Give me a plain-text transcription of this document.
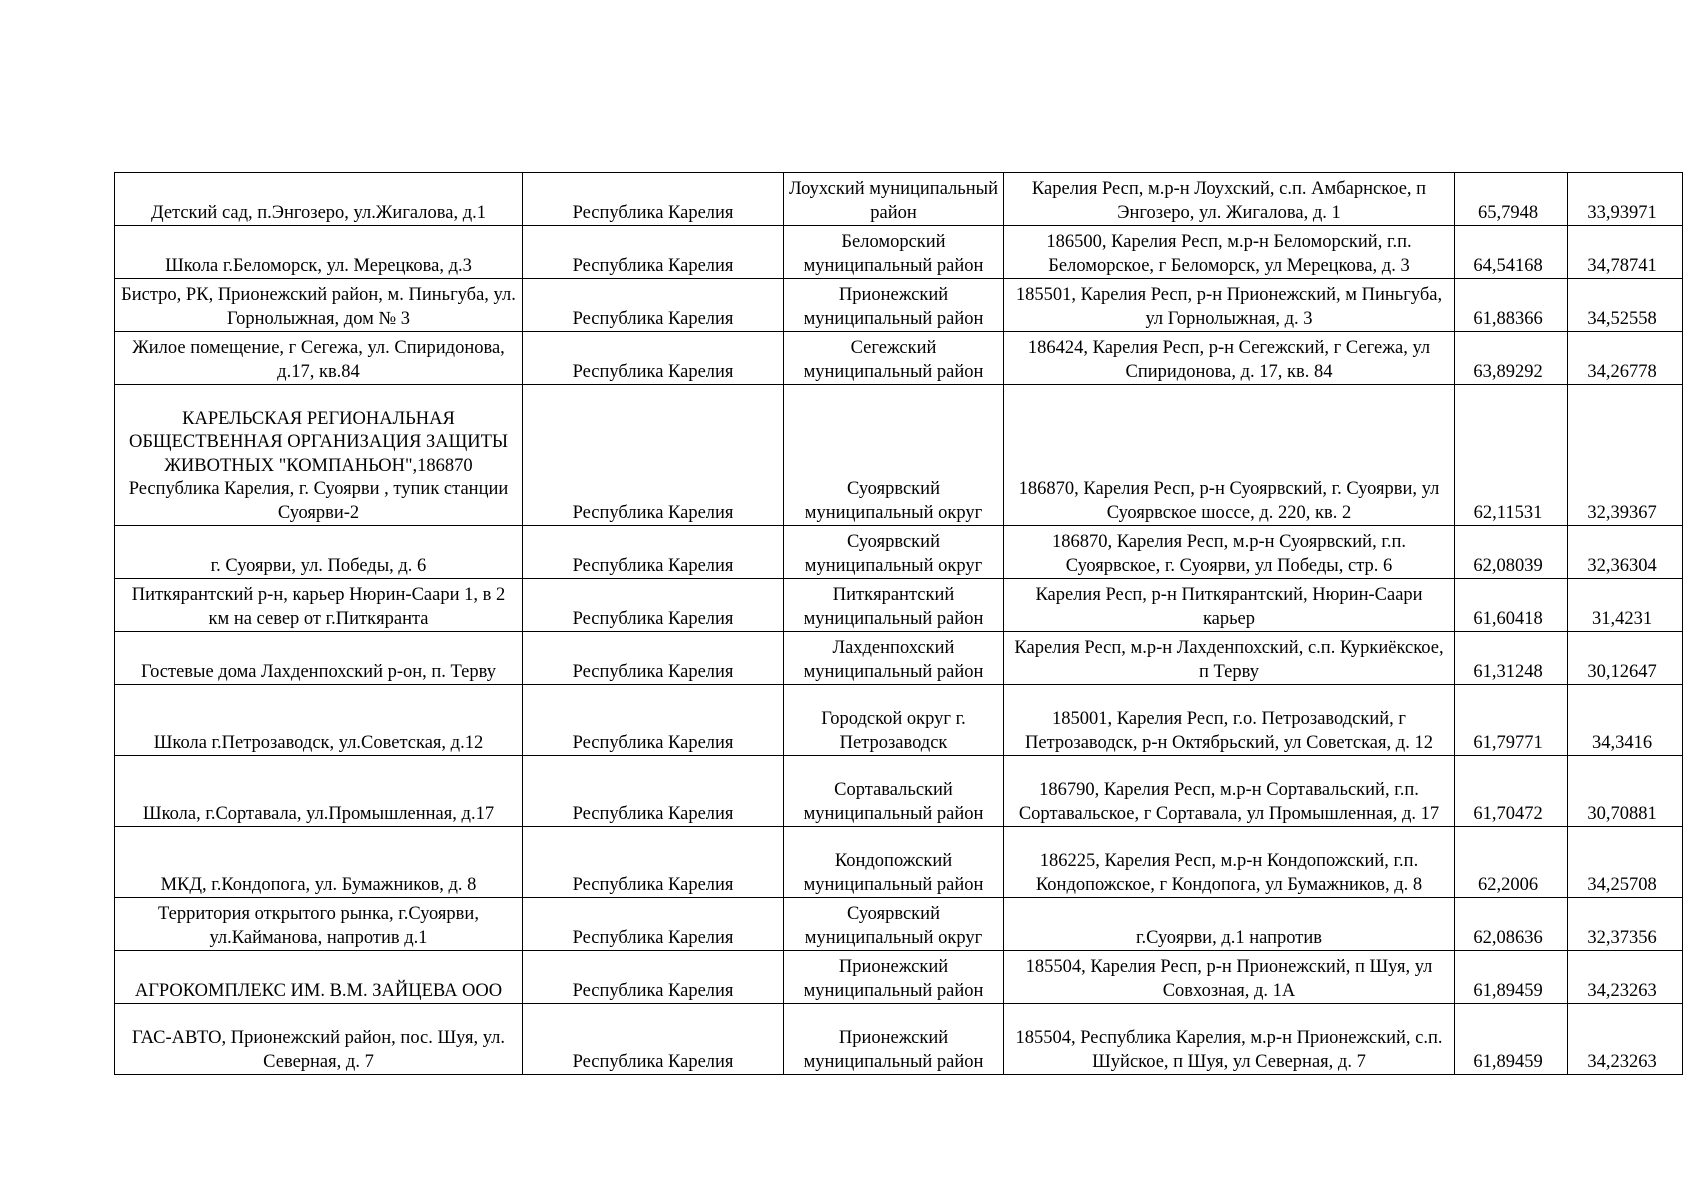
Детский сад, п.Энгозеро, ул.Жигалова, д.1	Республика Карелия	Лоухский муниципальный район	Карелия Респ, м.р-н Лоухский, с.п. Амбарнское, п Энгозеро, ул. Жигалова, д. 1	65,7948	33,93971
Школа г.Беломорск, ул. Мерецкова, д.3	Республика Карелия	Беломорский муниципальный район	186500, Карелия Респ, м.р-н Беломорский, г.п. Беломорское, г Беломорск, ул Мерецкова, д. 3	64,54168	34,78741
Бистро, РК, Прионежский район, м. Пиньгуба, ул. Горнолыжная, дом № 3	Республика Карелия	Прионежский муниципальный район	185501, Карелия Респ, р-н Прионежский, м Пиньгуба, ул Горнолыжная, д. 3	61,88366	34,52558
Жилое помещение, г Сегежа, ул. Спиридонова, д.17, кв.84	Республика Карелия	Сегежский муниципальный район	186424, Карелия Респ, р-н Сегежский, г Сегежа, ул Спиридонова, д. 17, кв. 84	63,89292	34,26778
КАРЕЛЬСКАЯ РЕГИОНАЛЬНАЯ ОБЩЕСТВЕННАЯ ОРГАНИЗАЦИЯ ЗАЩИТЫ ЖИВОТНЫХ "КОМПАНЬОН",186870 Республика Карелия, г. Суоярви , тупик станции Суоярви-2	Республика Карелия	Суоярвский муниципальный округ	186870, Карелия Респ, р-н Суоярвский, г. Суоярви, ул Суоярвское шоссе, д. 220, кв. 2	62,11531	32,39367
г. Суоярви, ул. Победы, д. 6	Республика Карелия	Суоярвский муниципальный округ	186870, Карелия Респ, м.р-н Суоярвский, г.п. Суоярвское, г. Суоярви, ул Победы, стр. 6	62,08039	32,36304
Питкярантский р-н, карьер Нюрин-Саари 1, в 2 км на север от г.Питкяранта	Республика Карелия	Питкярантский муниципальный район	Карелия Респ, р-н Питкярантский, Нюрин-Саари карьер	61,60418	31,4231
Гостевые дома Лахденпохский р-он, п. Терву	Республика Карелия	Лахденпохский муниципальный район	Карелия Респ, м.р-н Лахденпохский, с.п. Куркиёкское, п Терву	61,31248	30,12647
Школа г.Петрозаводск, ул.Советская, д.12	Республика Карелия	Городской округ г. Петрозаводск	185001, Карелия Респ, г.о. Петрозаводский, г Петрозаводск, р-н Октябрьский, ул Советская, д. 12	61,79771	34,3416
Школа, г.Сортавала, ул.Промышленная, д.17	Республика Карелия	Сортавальский муниципальный район	186790, Карелия Респ, м.р-н Сортавальский, г.п. Сортавальское, г Сортавала, ул Промышленная, д. 17	61,70472	30,70881
МКД, г.Кондопога, ул. Бумажников, д. 8	Республика Карелия	Кондопожский муниципальный район	186225, Карелия Респ, м.р-н Кондопожский, г.п. Кондопожское, г Кондопога, ул Бумажников, д. 8	62,2006	34,25708
Территория открытого рынка, г.Суоярви, ул.Кайманова, напротив д.1	Республика Карелия	Суоярвский муниципальный округ	г.Суоярви, д.1 напротив	62,08636	32,37356
АГРОКОМПЛЕКС ИМ. В.М. ЗАЙЦЕВА ООО	Республика Карелия	Прионежский муниципальный район	185504, Карелия Респ, р-н Прионежский, п Шуя, ул Совхозная, д. 1А	61,89459	34,23263
ГАС-АВТО, Прионежский район, пос. Шуя, ул. Северная, д. 7	Республика Карелия	Прионежский муниципальный район	185504, Республика Карелия, м.р-н Прионежский, с.п. Шуйское, п Шуя, ул Северная, д. 7	61,89459	34,23263
